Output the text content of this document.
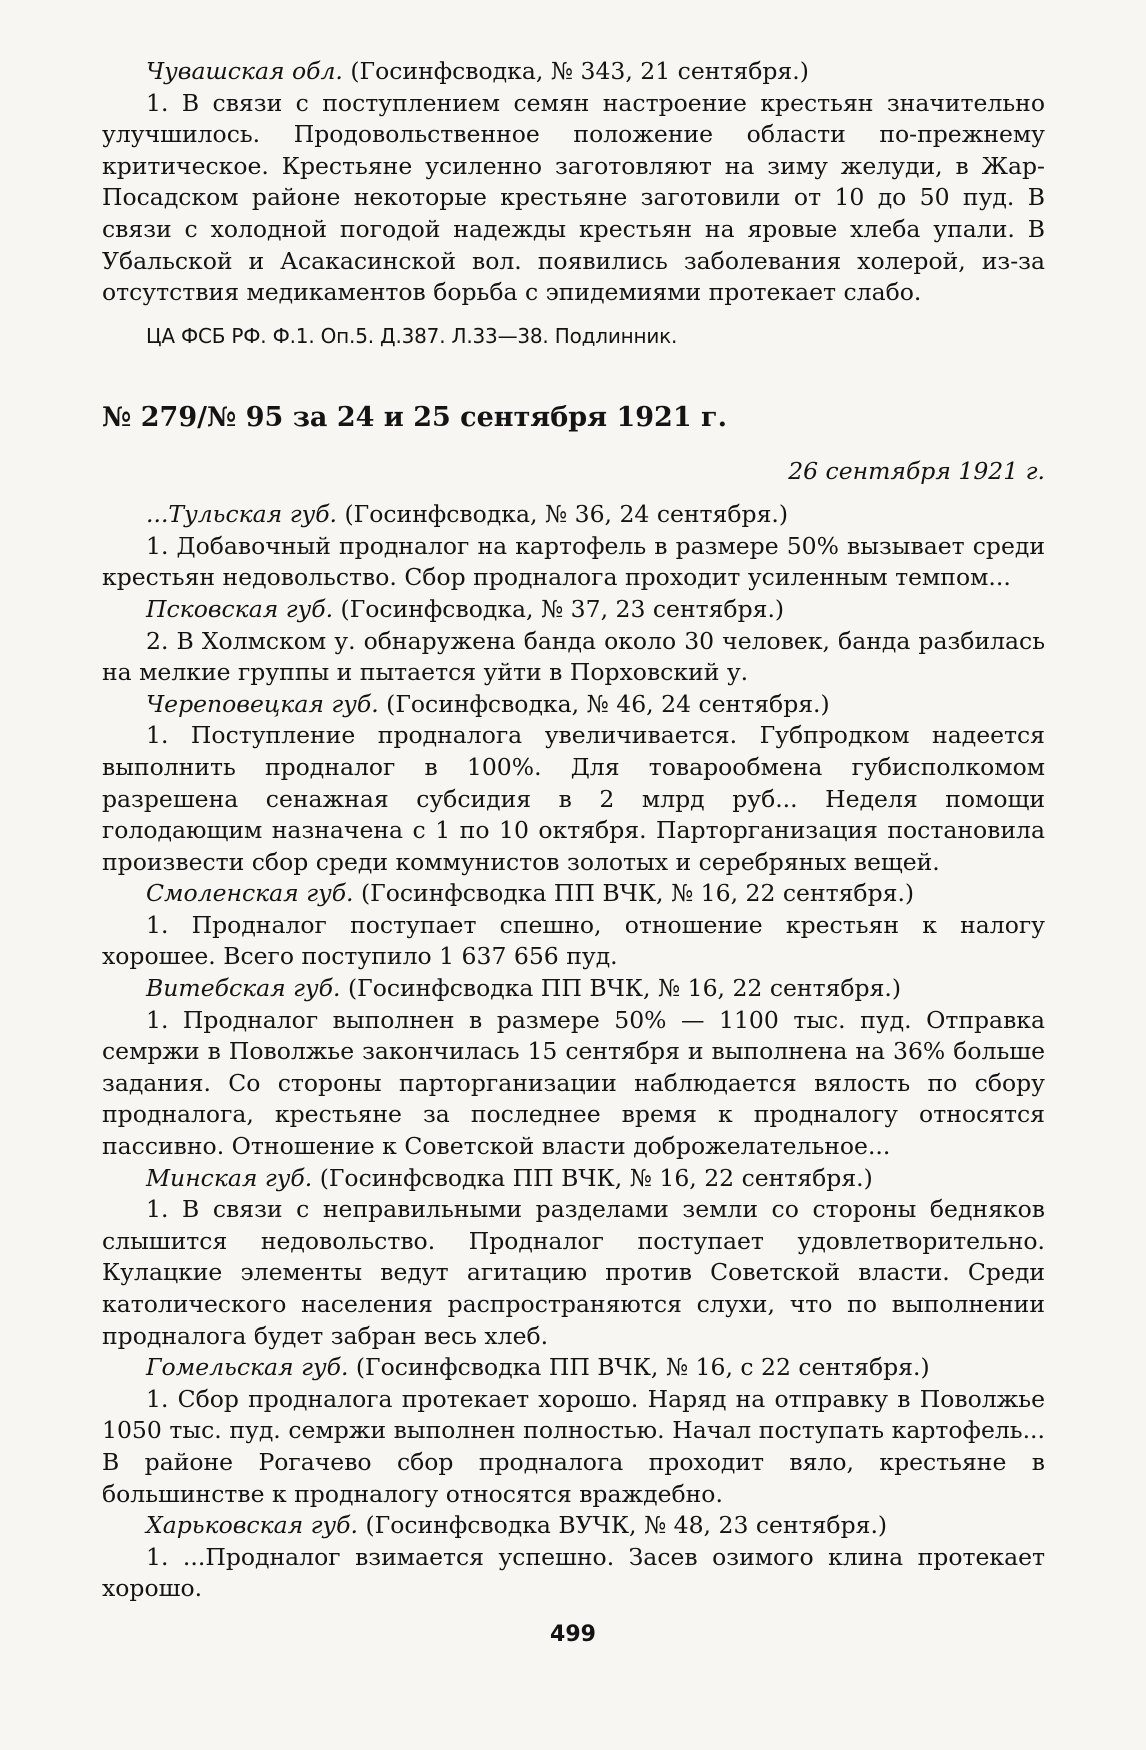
Чувашская обл. (Госинфсводка, № 343, 21 сентября.)

1. В связи с поступлением семян настроение крестьян значительно улучшилось. Продовольственное положение области по-прежнему критическое. Крестьяне усиленно заготовляют на зиму желуди, в Жар-Посадском районе некоторые крестьяне заготовили от 10 до 50 пуд. В связи с холодной погодой надежды крестьян на яровые хлеба упали. В Убальской и Асакасинской вол. появились заболевания холерой, из-за отсутствия медикаментов борьба с эпидемиями протекает слабо.

ЦА ФСБ РФ. Ф.1. Оп.5. Д.387. Л.33—38. Подлинник.

№ 279/№ 95 за 24 и 25 сентября 1921 г.

26 сентября 1921 г.

...Тульская губ. (Госинфсводка, № 36, 24 сентября.)

1. Добавочный продналог на картофель в размере 50% вызывает среди крестьян недовольство. Сбор продналога проходит усиленным темпом...

Псковская губ. (Госинфсводка, № 37, 23 сентября.)

2. В Холмском у. обнаружена банда около 30 человек, банда разбилась на мелкие группы и пытается уйти в Порховский у.

Череповецкая губ. (Госинфсводка, № 46, 24 сентября.)

1. Поступление продналога увеличивается. Губпродком надеется выполнить продналог в 100%. Для товарообмена губисполкомом разрешена сенажная субсидия в 2 млрд руб... Неделя помощи голодающим назначена с 1 по 10 октября. Парторганизация постановила произвести сбор среди коммунистов золотых и серебряных вещей.

Смоленская губ. (Госинфсводка ПП ВЧК, № 16, 22 сентября.)

1. Продналог поступает спешно, отношение крестьян к налогу хорошее. Всего поступило 1 637 656 пуд.

Витебская губ. (Госинфсводка ПП ВЧК, № 16, 22 сентября.)

1. Продналог выполнен в размере 50% — 1100 тыс. пуд. Отправка семржи в Поволжье закончилась 15 сентября и выполнена на 36% больше задания. Со стороны парторганизации наблюдается вялость по сбору продналога, крестьяне за последнее время к продналогу относятся пассивно. Отношение к Советской власти доброжелательное...

Минская губ. (Госинфсводка ПП ВЧК, № 16, 22 сентября.)

1. В связи с неправильными разделами земли со стороны бедняков слышится недовольство. Продналог поступает удовлетворительно. Кулацкие элементы ведут агитацию против Советской власти. Среди католического населения распространяются слухи, что по выполнении продналога будет забран весь хлеб.

Гомельская губ. (Госинфсводка ПП ВЧК, № 16, с 22 сентября.)

1. Сбор продналога протекает хорошо. Наряд на отправку в Поволжье 1050 тыс. пуд. семржи выполнен полностью. Начал поступать картофель... В районе Рогачево сбор продналога проходит вяло, крестьяне в большинстве к продналогу относятся враждебно.

Харьковская губ. (Госинфсводка ВУЧК, № 48, 23 сентября.)

1. ...Продналог взимается успешно. Засев озимого клина протекает хорошо.

499
